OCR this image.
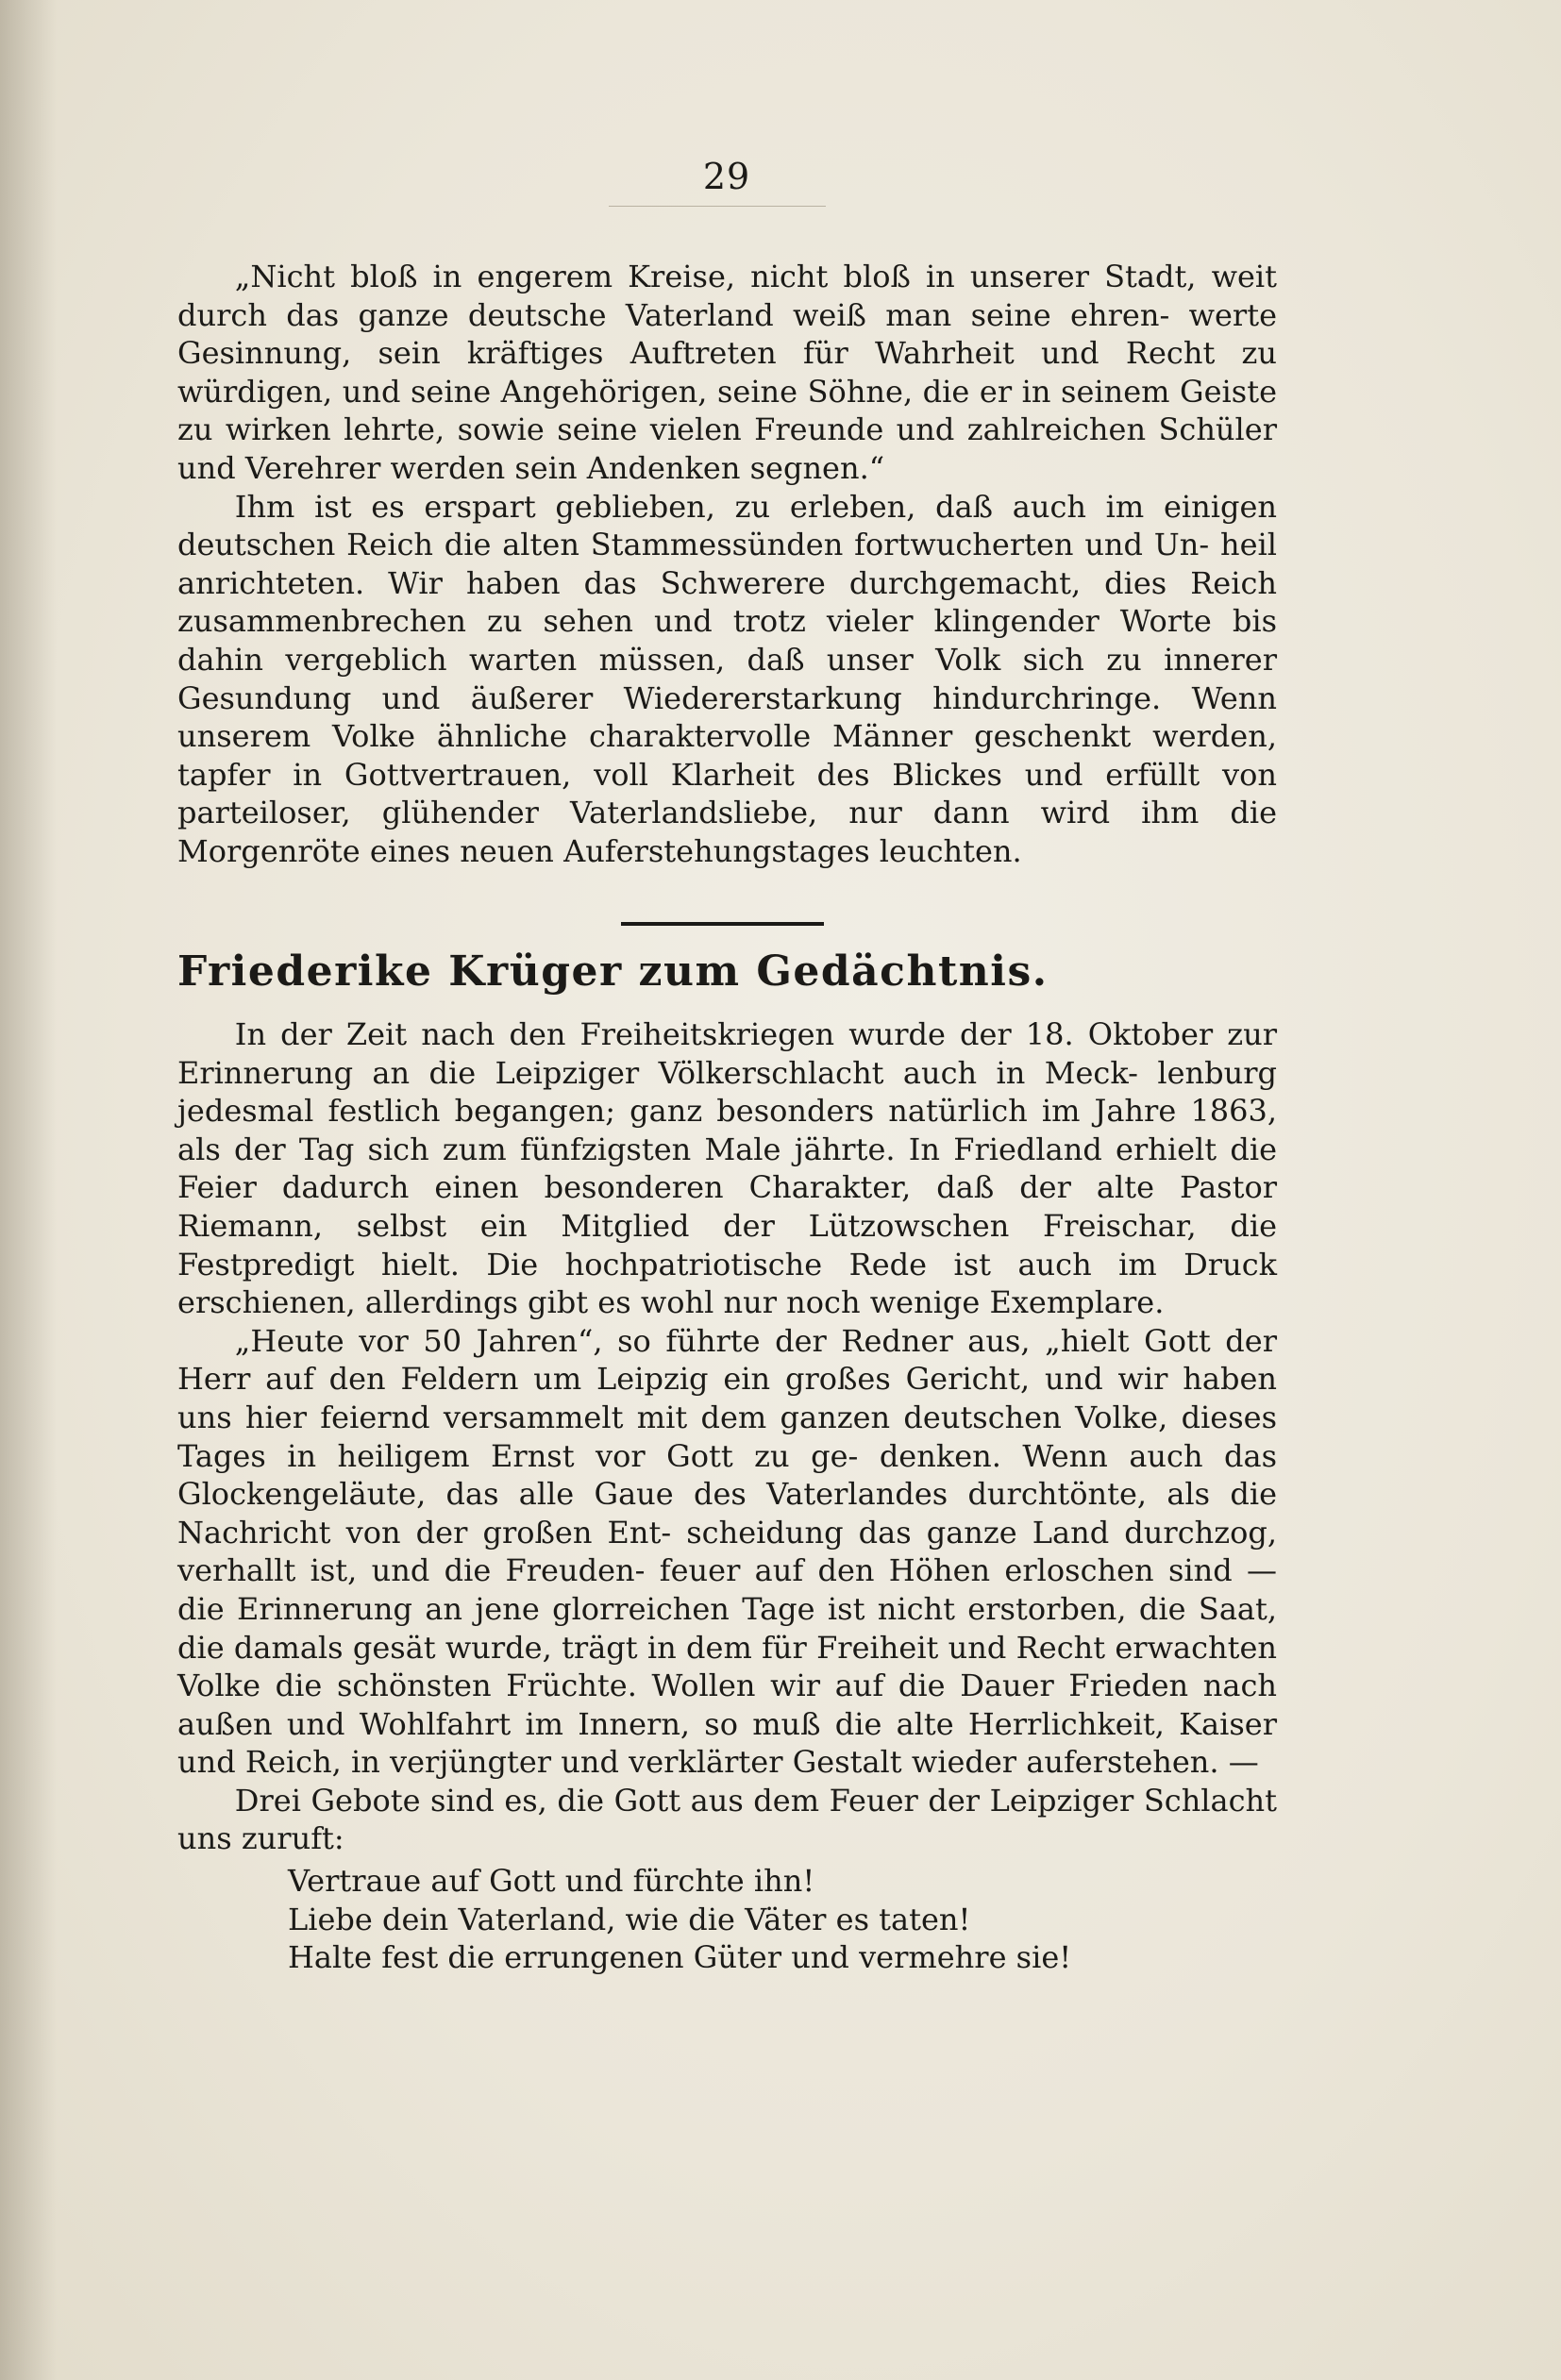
29

„Nicht bloß in engerem Kreise, nicht bloß in unserer Stadt, weit durch das ganze deutsche Vaterland weiß man seine ehren- werte Gesinnung, sein kräftiges Auftreten für Wahrheit und Recht zu würdigen, und seine Angehörigen, seine Söhne, die er in seinem Geiste zu wirken lehrte, sowie seine vielen Freunde und zahlreichen Schüler und Verehrer werden sein Andenken segnen.“

Ihm ist es erspart geblieben, zu erleben, daß auch im einigen deutschen Reich die alten Stammessünden fortwucherten und Un- heil anrichteten. Wir haben das Schwerere durchgemacht, dies Reich zusammenbrechen zu sehen und trotz vieler klingender Worte bis dahin vergeblich warten müssen, daß unser Volk sich zu innerer Gesundung und äußerer Wiedererstarkung hindurchringe. Wenn unserem Volke ähnliche charaktervolle Männer geschenkt werden, tapfer in Gottvertrauen, voll Klarheit des Blickes und erfüllt von parteiloser, glühender Vaterlandsliebe, nur dann wird ihm die Morgenröte eines neuen Auferstehungstages leuchten.

Friederike Krüger zum Gedächtnis.

In der Zeit nach den Freiheitskriegen wurde der 18. Oktober zur Erinnerung an die Leipziger Völkerschlacht auch in Meck- lenburg jedesmal festlich begangen; ganz besonders natürlich im Jahre 1863, als der Tag sich zum fünfzigsten Male jährte. In Friedland erhielt die Feier dadurch einen besonderen Charakter, daß der alte Pastor Riemann, selbst ein Mitglied der Lützowschen Freischar, die Festpredigt hielt. Die hochpatriotische Rede ist auch im Druck erschienen, allerdings gibt es wohl nur noch wenige Exemplare.

„Heute vor 50 Jahren“, so führte der Redner aus, „hielt Gott der Herr auf den Feldern um Leipzig ein großes Gericht, und wir haben uns hier feiernd versammelt mit dem ganzen deutschen Volke, dieses Tages in heiligem Ernst vor Gott zu ge- denken. Wenn auch das Glockengeläute, das alle Gaue des Vaterlandes durchtönte, als die Nachricht von der großen Ent- scheidung das ganze Land durchzog, verhallt ist, und die Freuden- feuer auf den Höhen erloschen sind — die Erinnerung an jene glorreichen Tage ist nicht erstorben, die Saat, die damals gesät wurde, trägt in dem für Freiheit und Recht erwachten Volke die schönsten Früchte. Wollen wir auf die Dauer Frieden nach außen und Wohlfahrt im Innern, so muß die alte Herrlichkeit, Kaiser und Reich, in verjüngter und verklärter Gestalt wieder auferstehen. —

Drei Gebote sind es, die Gott aus dem Feuer der Leipziger Schlacht uns zuruft:

Vertraue auf Gott und fürchte ihn!
Liebe dein Vaterland, wie die Väter es taten!
Halte fest die errungenen Güter und vermehre sie!
